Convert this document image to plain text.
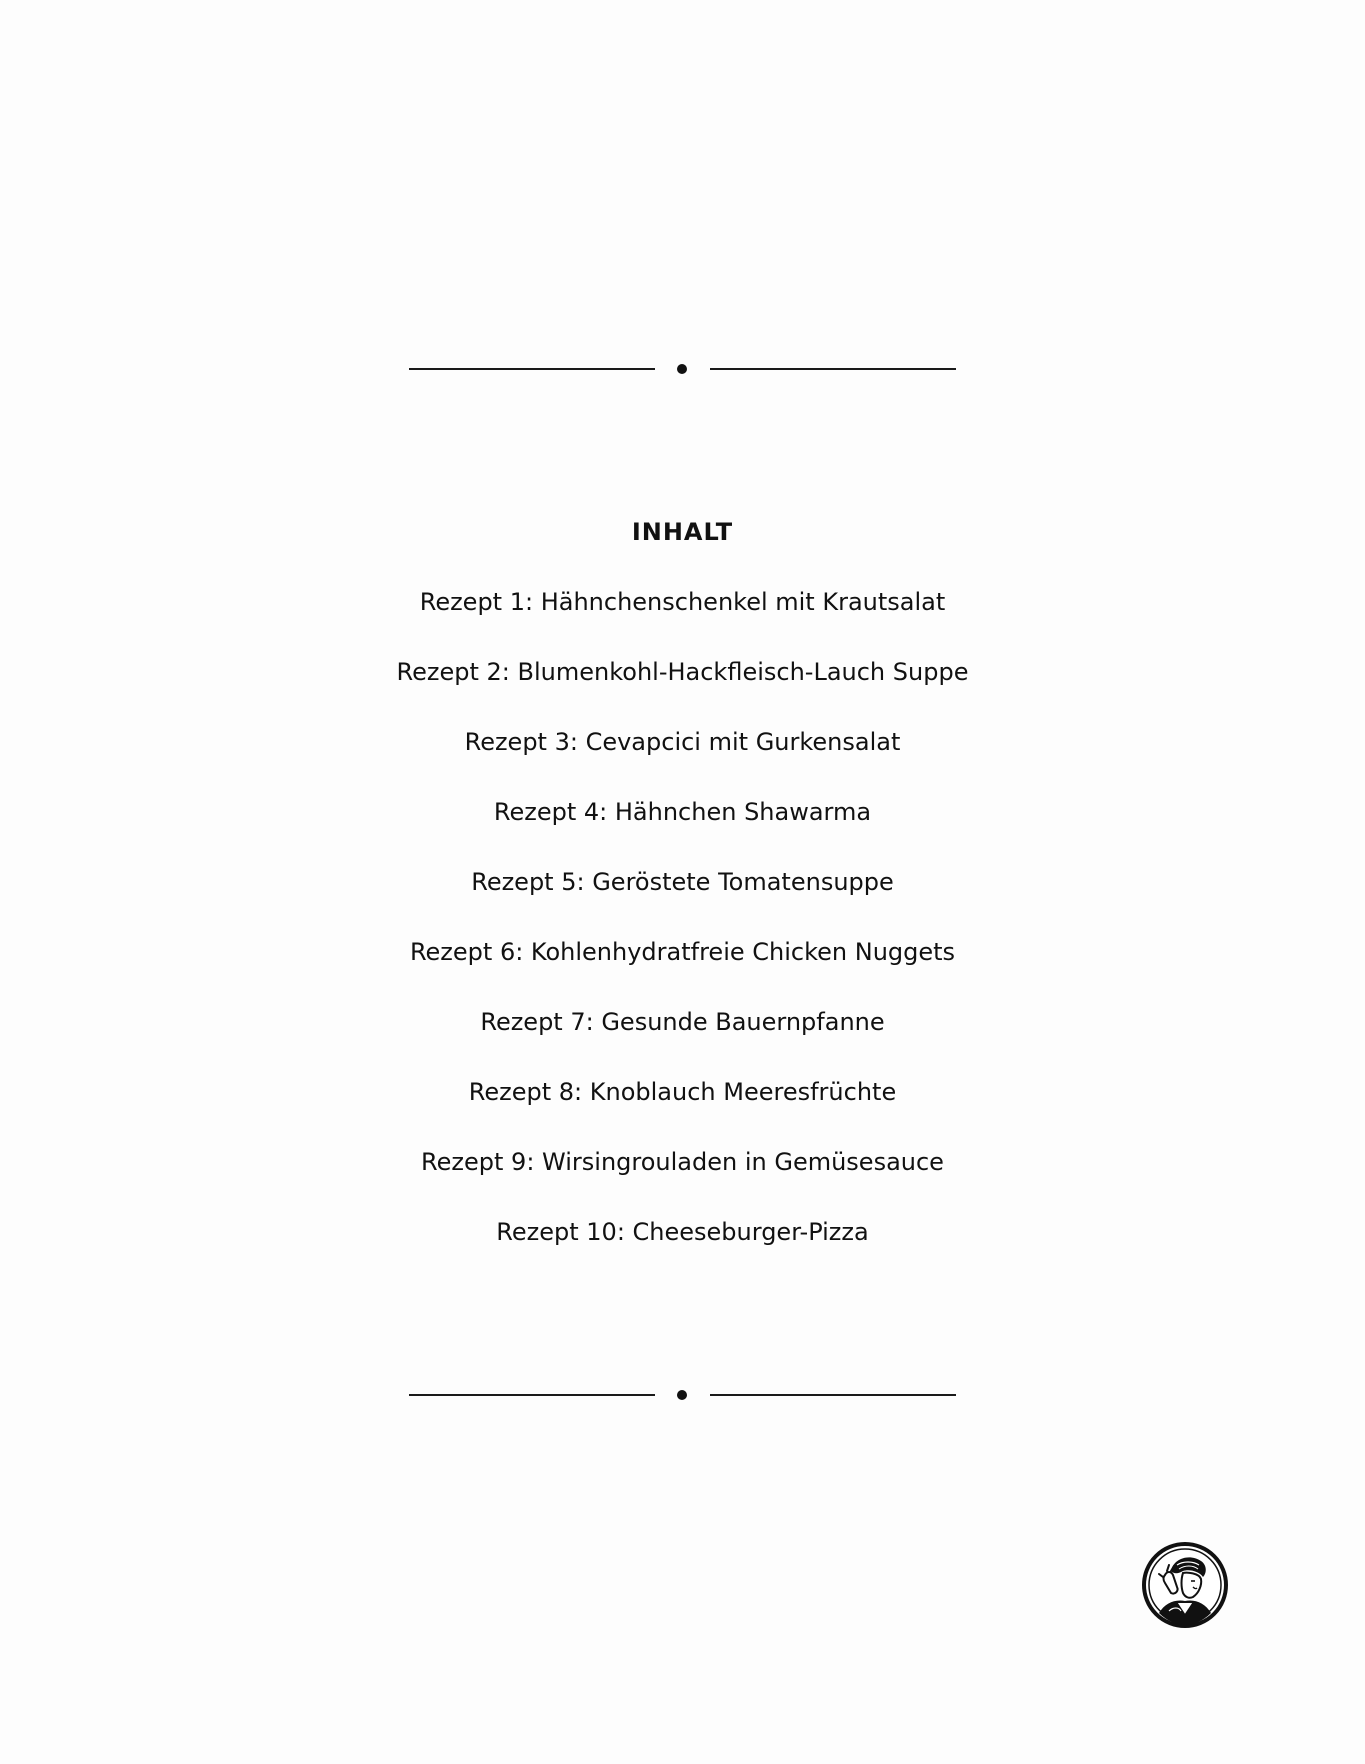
INHALT
Rezept 1: Hähnchenschenkel mit Krautsalat
Rezept 2: Blumenkohl-Hackfleisch-Lauch Suppe
Rezept 3: Cevapcici mit Gurkensalat
Rezept 4: Hähnchen Shawarma
Rezept 5: Geröstete Tomatensuppe
Rezept 6: Kohlenhydratfreie Chicken Nuggets
Rezept 7: Gesunde Bauernpfanne
Rezept 8: Knoblauch Meeresfrüchte
Rezept 9: Wirsingrouladen in Gemüsesauce
Rezept 10: Cheeseburger-Pizza
